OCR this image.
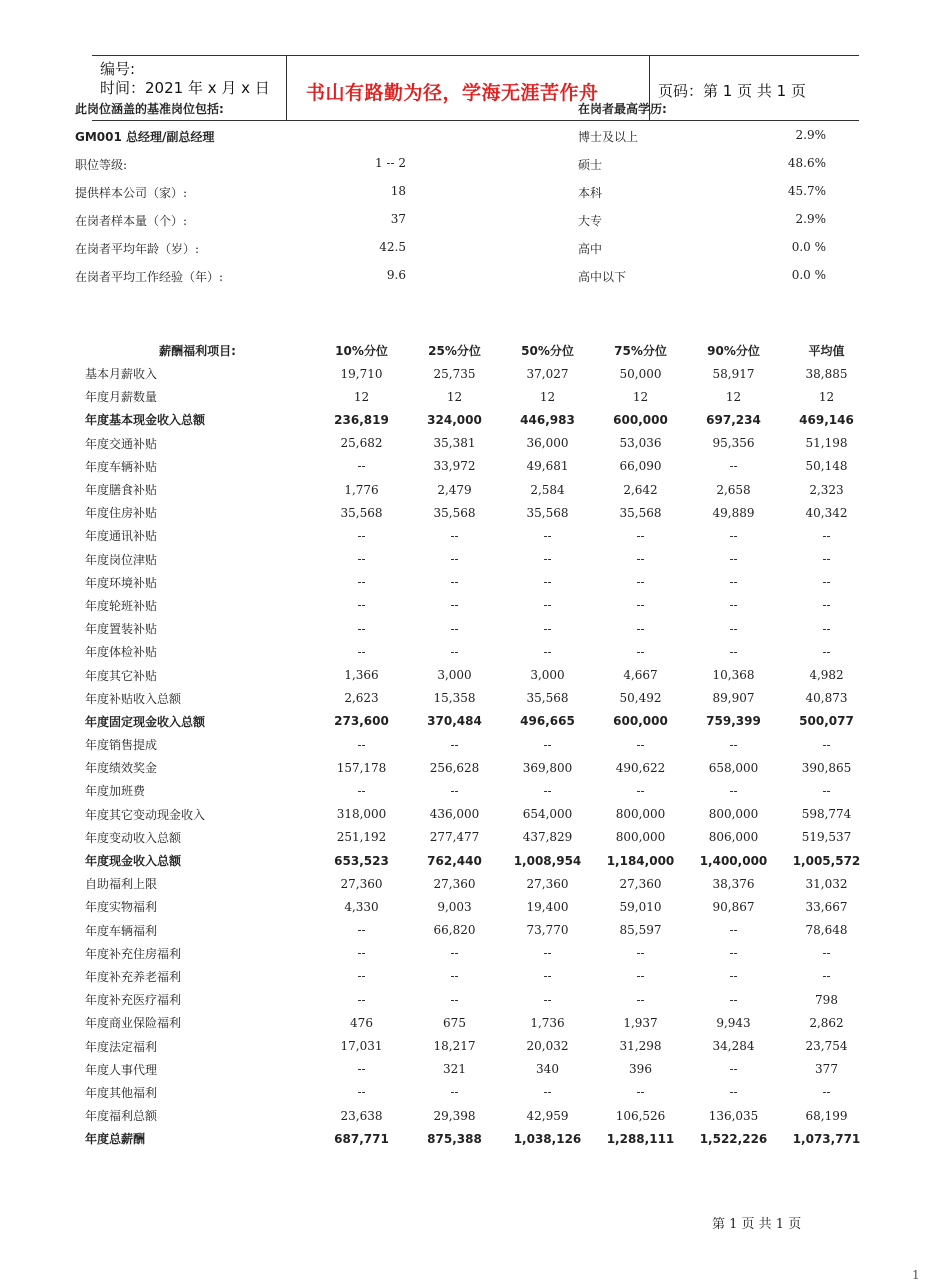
编号:
时间：2021 年 x 月 x 日 书山有路勤为径，学海无涯苦作舟	页码：第 1 页 共 1 页
此岗位涵盖的基准岗位包括:	在岗者最高学历:
GM001 总经理/副总经理
职位等级:	1 -- 2
提供样本公司（家）:	18
在岗者样本量（个）:	37
在岗者平均年龄（岁）:	42.5
在岗者平均工作经验（年）:	9.6
博士及以上	2.9%
硕士	48.6%
本科	45.7%
大专	2.9%
高中	0.0 %
高中以下	0.0 %
薪酬福利项目:	10%分位	25%分位	50%分位	75%分位	90%分位	平均值
基本月薪收入	19,710	25,735	37,027	50,000	58,917	38,885
年度月薪数量	12	12	12	12	12	12
年度基本现金收入总额	236,819	324,000	446,983	600,000	697,234	469,146
年度交通补贴	25,682	35,381	36,000	53,036	95,356	51,198
年度车辆补贴	--	33,972	49,681	66,090	--	50,148
年度膳食补贴	1,776	2,479	2,584	2,642	2,658	2,323
年度住房补贴	35,568	35,568	35,568	35,568	49,889	40,342
年度通讯补贴	--	--	--	--	--	--
年度岗位津贴	--	--	--	--	--	--
年度环境补贴	--	--	--	--	--	--
年度轮班补贴	--	--	--	--	--	--
年度置装补贴	--	--	--	--	--	--
年度体检补贴	--	--	--	--	--	--
年度其它补贴	1,366	3,000	3,000	4,667	10,368	4,982
年度补贴收入总额	2,623	15,358	35,568	50,492	89,907	40,873
年度固定现金收入总额	273,600	370,484	496,665	600,000	759,399	500,077
年度销售提成	--	--	--	--	--	--
年度绩效奖金	157,178	256,628	369,800	490,622	658,000	390,865
年度加班费	--	--	--	--	--	--
年度其它变动现金收入	318,000	436,000	654,000	800,000	800,000	598,774
年度变动收入总额	251,192	277,477	437,829	800,000	806,000	519,537
年度现金收入总额	653,523	762,440	1,008,954	1,184,000	1,400,000	1,005,572
自助福利上限	27,360	27,360	27,360	27,360	38,376	31,032
年度实物福利	4,330	9,003	19,400	59,010	90,867	33,667
年度车辆福利	--	66,820	73,770	85,597	--	78,648
年度补充住房福利	--	--	--	--	--	--
年度补充养老福利	--	--	--	--	--	--
年度补充医疗福利	--	--	--	--	--	798
年度商业保险福利	476	675	1,736	1,937	9,943	2,862
年度法定福利	17,031	18,217	20,032	31,298	34,284	23,754
年度人事代理	--	321	340	396	--	377
年度其他福利	--	--	--	--	--	--
年度福利总额	23,638	29,398	42,959	106,526	136,035	68,199
年度总薪酬	687,771	875,388	1,038,126	1,288,111	1,522,226	1,073,771
第 1 页 共 1 页
1
